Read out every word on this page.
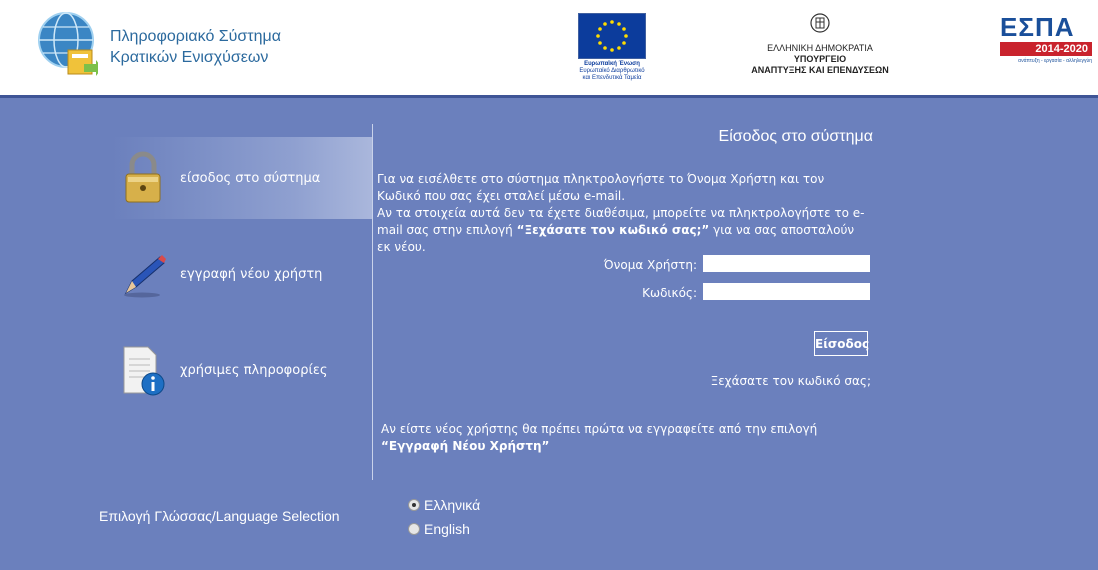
Πληροφοριακό Σύστημα
Κρατικών Ενισχύσεων	Ευρωπαϊκή Ένωση
Ευρωπαϊκό Διαρθρωτικό
και Επενδυτικά Ταμεία
ΕΛΛΗΝΙΚΗ ΔΗΜΟΚΡΑΤΙΑ
ΥΠΟΥΡΓΕΙΟ
ΑΝΑΠΤΥΞΗΣ ΚΑΙ ΕΠΕΝΔΥΣΕΩΝ
ΕΣΠΑ
2014-2020
ανάπτυξη - εργασία - αλληλεγγύη
είσοδος στο σύστημα
εγγραφή νέου χρήστη
χρήσιμες πληροφορίες
Είσοδος στο σύστημα
Για να εισέλθετε στο σύστημα πληκτρολογήστε το Όνομα Χρήστη και τον Κωδικό που σας έχει σταλεί μέσω e-mail.
Αν τα στοιχεία αυτά δεν τα έχετε διαθέσιμα, μπορείτε να πληκτρολογήστε το e-mail σας στην επιλογή “Ξεχάσατε τον κωδικό σας;” για να σας αποσταλούν εκ νέου.
Όνομα Χρήστη:
Κωδικός:
Είσοδος
Ξεχάσατε τον κωδικό σας;
Αν είστε νέος χρήστης θα πρέπει πρώτα να εγγραφείτε από την επιλογή “Εγγραφή Νέου Χρήστη”
Επιλογή Γλώσσας/Language Selection
Ελληνικά
English
